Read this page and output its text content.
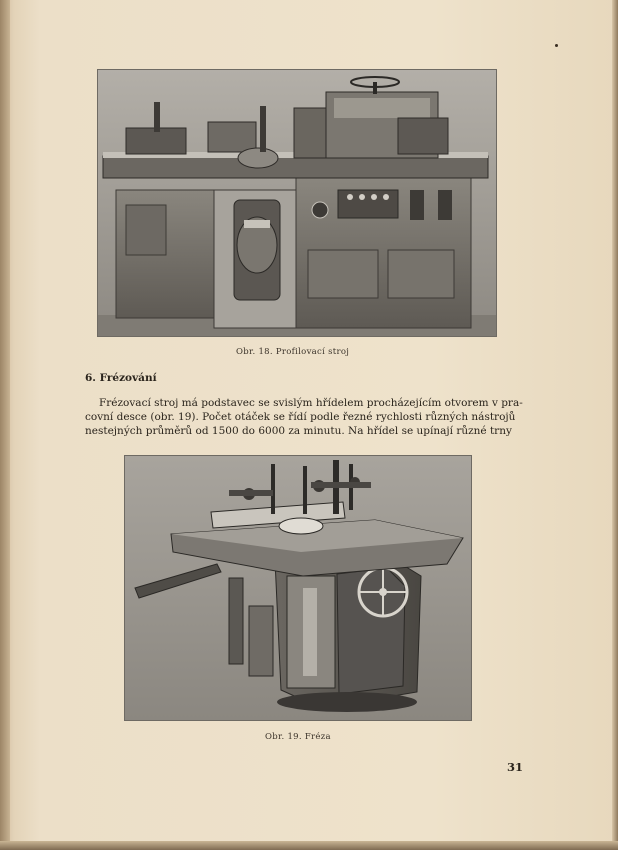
Obr. 18. Profilovací stroj
6. Frézování
Frézovací stroj má podstavec se svislým hřídelem procházejícím otvorem v pra-
covní desce (obr. 19). Počet otáček se řídí podle řezné rychlosti různých nástrojů
nestejných průměrů od 1500 do 6000 za minutu. Na hřídel se upínají různé trny
Obr. 19. Fréza
31
